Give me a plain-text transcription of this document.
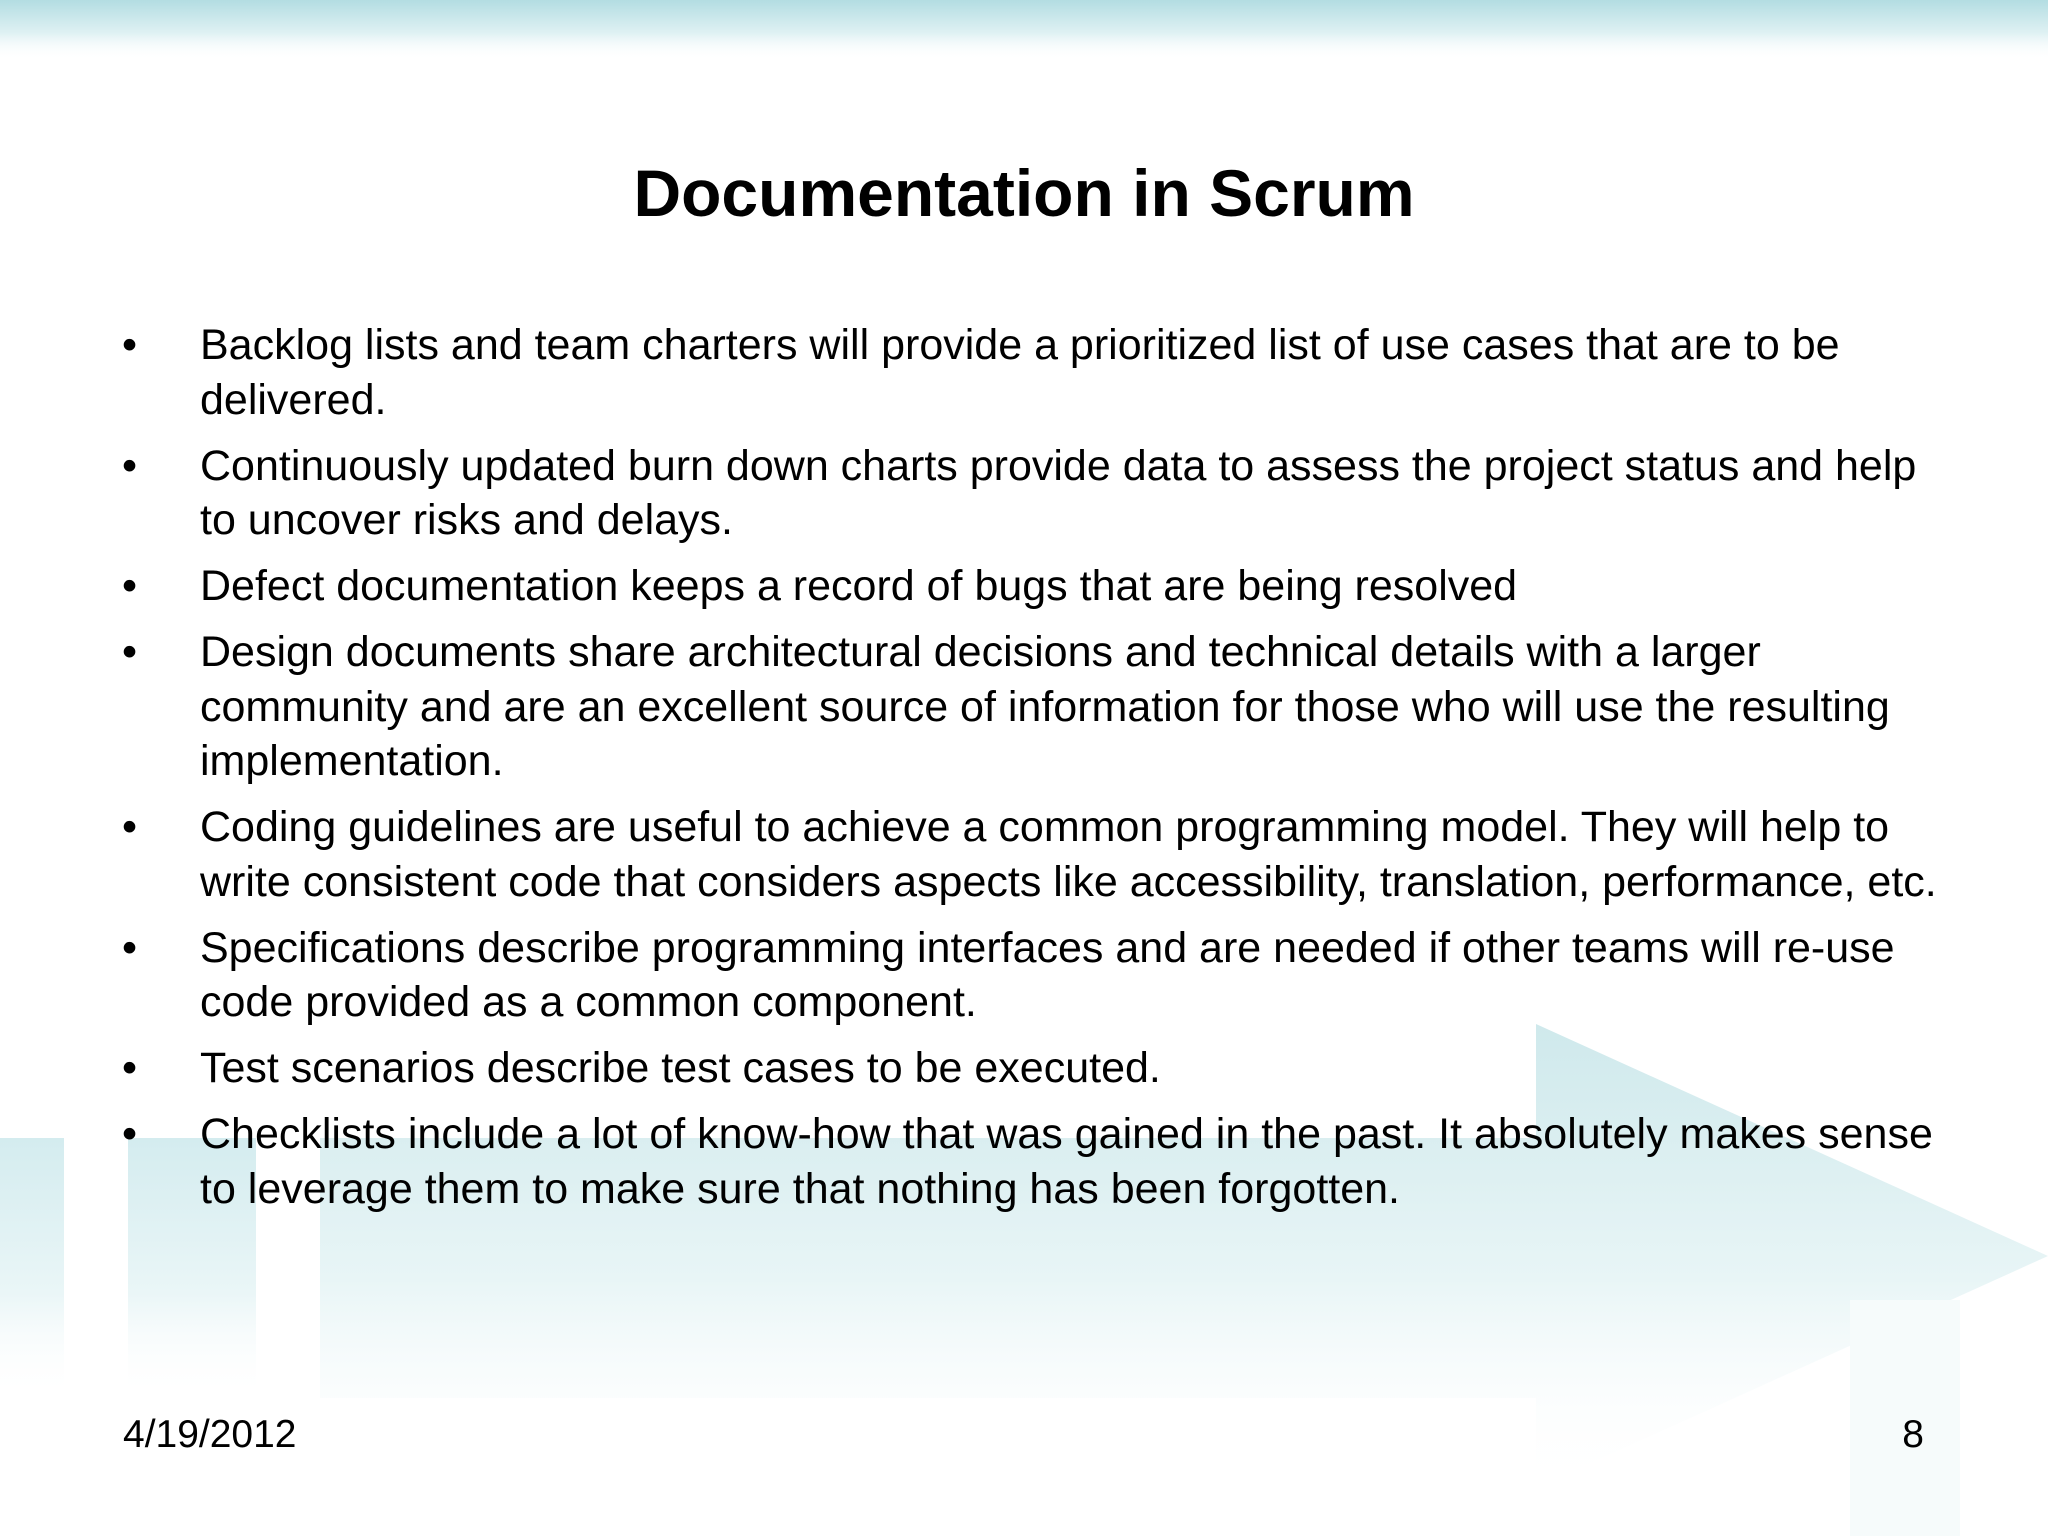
Documentation in Scrum
• Backlog lists and team charters will provide a prioritized list of use cases that are to be delivered.
• Continuously updated burn down charts provide data to assess the project status and help to uncover risks and delays.
• Defect documentation keeps a record of bugs that are being resolved
• Design documents share architectural decisions and technical details with a larger community and are an excellent source of information for those who will use the resulting implementation.
• Coding guidelines are useful to achieve a common programming model. They will help to write consistent code that considers aspects like accessibility, translation, performance, etc.
• Specifications describe programming interfaces and are needed if other teams will re-use code provided as a common component.
• Test scenarios describe test cases to be executed.
• Checklists include a lot of know-how that was gained in the past. It absolutely makes sense to leverage them to make sure that nothing has been forgotten.
4/19/2012	8
